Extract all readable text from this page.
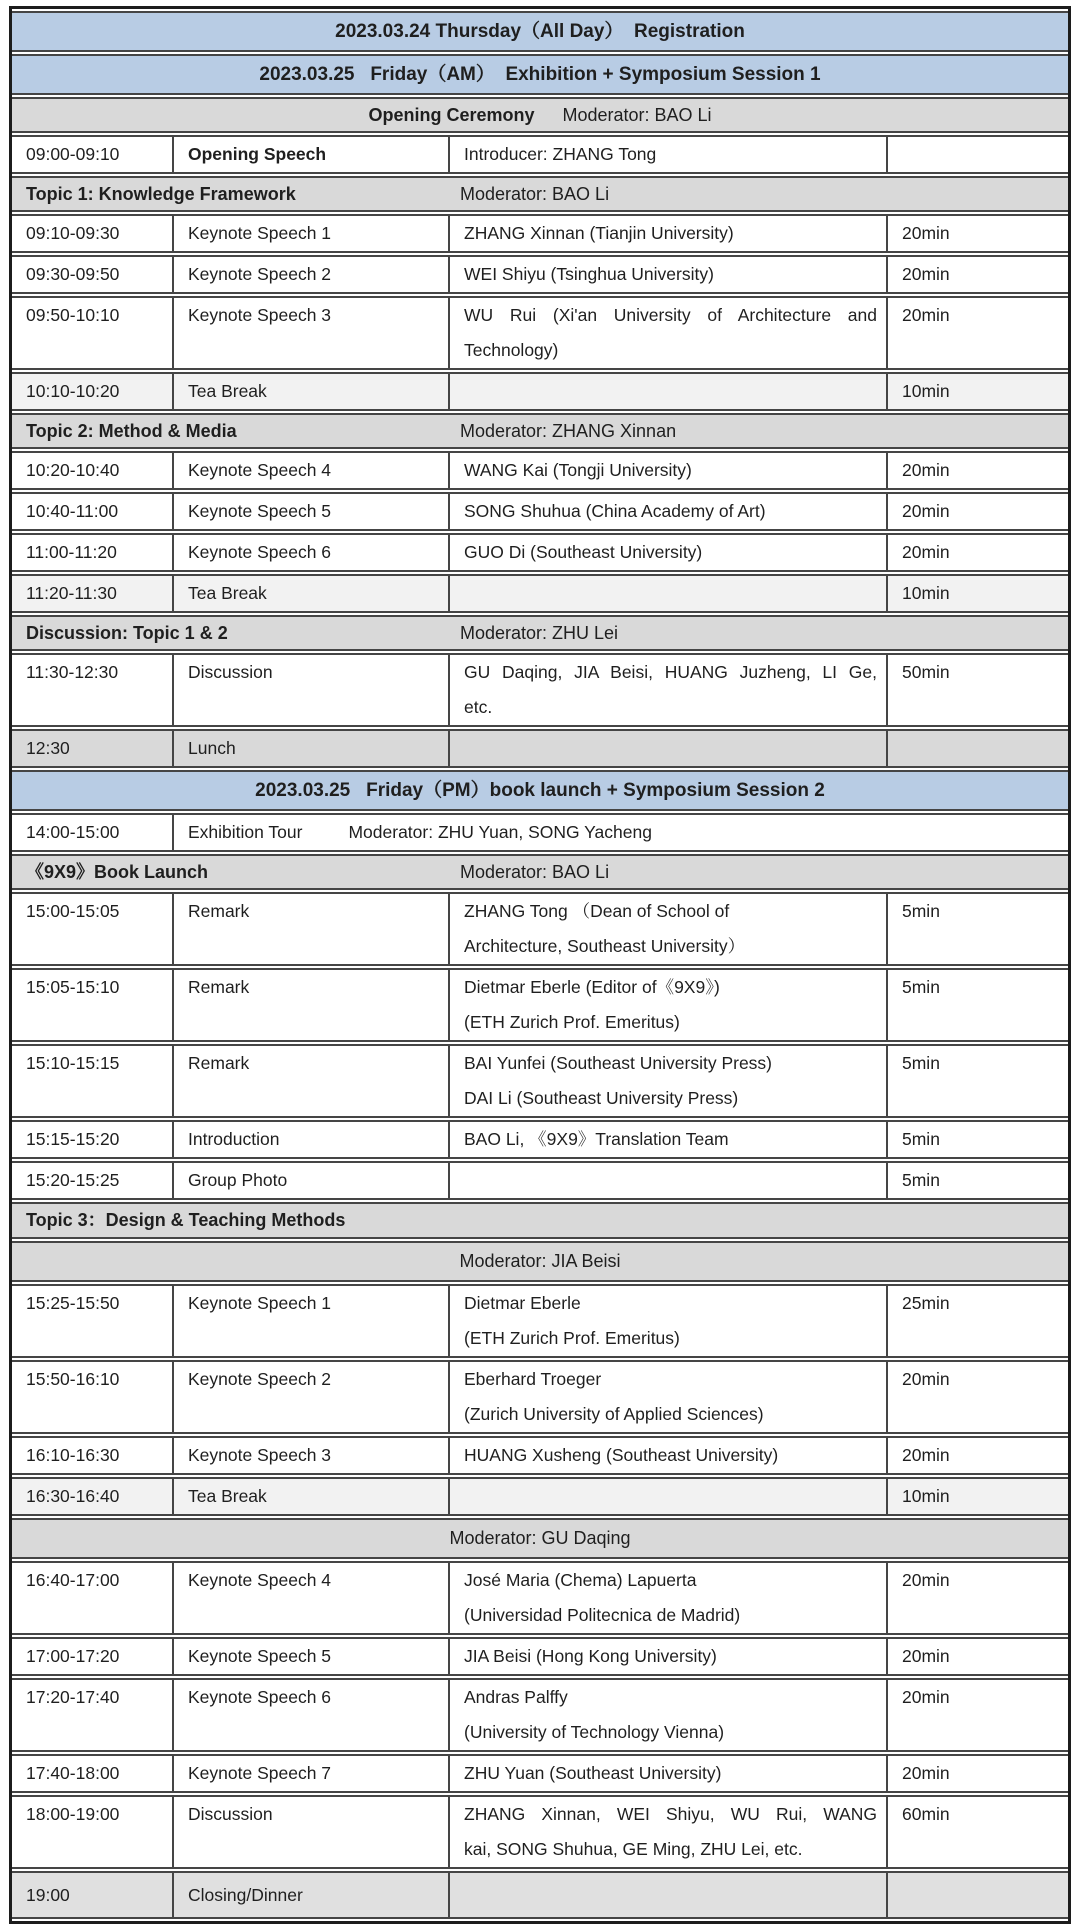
2023.03.24 Thursday（All Day）  Registration			
2023.03.25   Friday（AM）  Exhibition + Symposium Session 1			
Opening Ceremony Moderator: BAO Li			
09:00-09:10	Opening Speech	Introducer: ZHANG Tong	

Topic 1: Knowledge Framework Moderator: BAO Li			

09:10-09:30	Keynote Speech 1	ZHANG Xinnan (Tianjin University)	20min
09:30-09:50	Keynote Speech 2	WEI Shiyu (Tsinghua University)	20min
09:50-10:10	Keynote Speech 3	WU Rui (Xi'an University of Architecture and
Technology)	20min
10:10-10:20	Tea Break		10min

Topic 2: Method & Media Moderator: ZHANG Xinnan			

10:20-10:40	Keynote Speech 4	WANG Kai (Tongji University)	20min
10:40-11:00	Keynote Speech 5	SONG Shuhua (China Academy of Art)	20min
11:00-11:20	Keynote Speech 6	GUO Di (Southeast University)	20min
11:20-11:30	Tea Break		10min

Discussion: Topic 1 & 2 Moderator: ZHU Lei			

11:30-12:30	Discussion	GU Daqing, JIA Beisi, HUANG Juzheng, LI Ge,
etc.	50min
12:30	Lunch		
2023.03.25   Friday（PM）book launch + Symposium Session 2			
14:00-15:00	Exhibition Tour Moderator: ZHU Yuan, SONG Yacheng		

《9X9》Book Launch Moderator: BAO Li			

15:00-15:05	Remark	ZHANG Tong （Dean of School of
Architecture, Southeast University）	5min
15:05-15:10	Remark	Dietmar Eberle (Editor of《9X9》)
(ETH Zurich Prof. Emeritus)	5min
15:10-15:15	Remark	BAI Yunfei (Southeast University Press)
DAI Li (Southeast University Press)	5min
15:15-15:20	Introduction	BAO Li, 《9X9》Translation Team	5min
15:20-15:25	Group Photo		5min
Topic 3：Design & Teaching Methods			
Moderator: JIA Beisi			
15:25-15:50	Keynote Speech 1	Dietmar Eberle
(ETH Zurich Prof. Emeritus)	25min
15:50-16:10	Keynote Speech 2	Eberhard Troeger
(Zurich University of Applied Sciences)	20min
16:10-16:30	Keynote Speech 3	HUANG Xusheng (Southeast University)	20min
16:30-16:40	Tea Break		10min
Moderator: GU Daqing			
16:40-17:00	Keynote Speech 4	José Maria (Chema) Lapuerta
(Universidad Politecnica de Madrid)	20min
17:00-17:20	Keynote Speech 5	JIA Beisi (Hong Kong University)	20min
17:20-17:40	Keynote Speech 6	Andras Palffy
(University of Technology Vienna)	20min
17:40-18:00	Keynote Speech 7	ZHU Yuan (Southeast University)	20min
18:00-19:00	Discussion	ZHANG Xinnan, WEI Shiyu, WU Rui, WANG
kai, SONG Shuhua, GE Ming, ZHU Lei, etc.	60min
19:00	Closing/Dinner		
